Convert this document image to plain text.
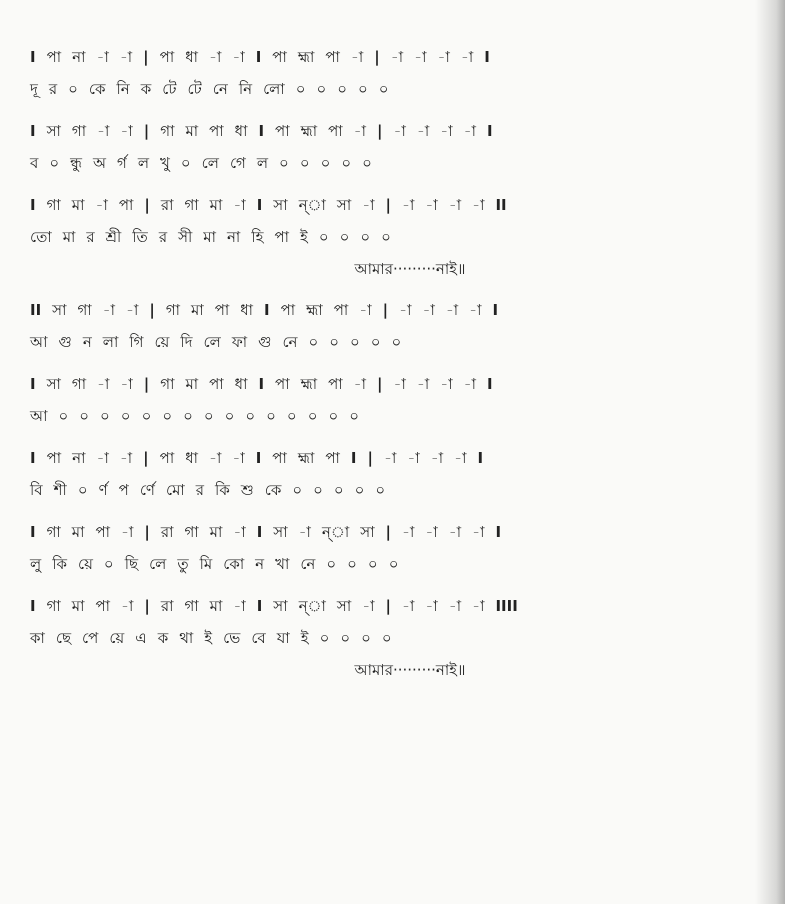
I পা না -া -া | পা ধা -া -া I পা হ্মা পা -া | -া -া -া -া I
দূ র ০ কে নি ক টে টে নে নি লো ০ ০ ০ ০ ০
I সা গা -া -া | গা মা পা ধা I পা হ্মা পা -া | -া -া -া -া I
ব ০ ন্ধু অ র্গ ল খু ০ লে গে ল ০ ০ ০ ০ ০
I গা মা -া পা | রা গা মা -া I সা ন্‌া সা -া | -া -া -া -া II
তো মা র শ্রী তি র সী মা না হি পা ই ০ ০ ০ ০
আমার·········নাই॥
II সা গা -া -া | গা মা পা ধা I পা হ্মা পা -া | -া -া -া -া I
আ গু ন লা গি য়ে দি লে ফা গু নে ০ ০ ০ ০ ০
I সা গা -া -া | গা মা পা ধা I পা হ্মা পা -া | -া -া -া -া I
আ ০ ০ ০ ০ ০ ০ ০ ০ ০ ০ ০ ০ ০ ০ ০
I পা না -া -া | পা ধা -া -া I পা হ্মা পা I | -া -া -া -া I
বি শী ০ র্ণ প র্ণে মো র কি শু কে ০ ০ ০ ০ ০
I গা মা পা -া | রা গা মা -া I সা -া ন্‌া সা | -া -া -া -া I
লু কি য়ে ০ ছি লে তু মি কো ন খা নে ০ ০ ০ ০
I গা মা পা -া | রা গা মা -া I সা ন্‌া সা -া | -া -া -া -া IIII
কা ছে পে য়ে এ ক থা ই ভে বে যা ই ০ ০ ০ ০
আমার·········নাই॥
